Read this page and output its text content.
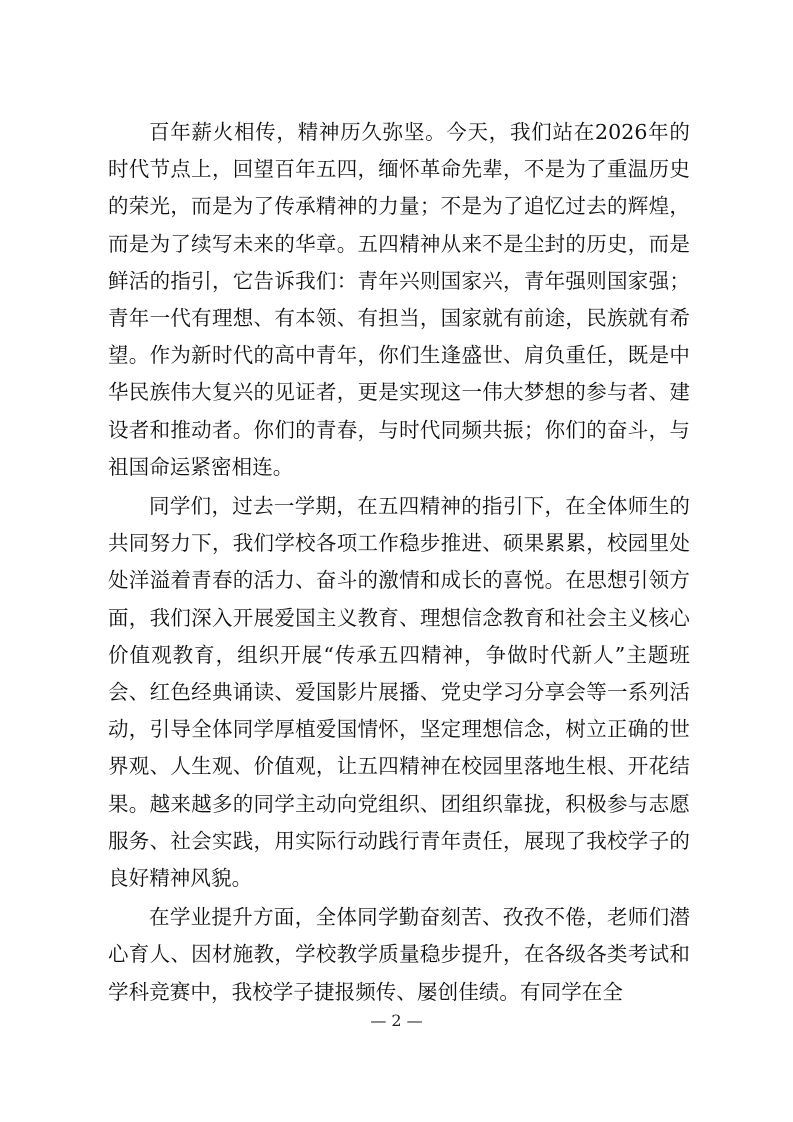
百年薪火相传，精神历久弥坚。今天，我们站在2026年的时代节点上，回望百年五四，缅怀革命先辈，不是为了重温历史的荣光，而是为了传承精神的力量；不是为了追忆过去的辉煌，而是为了续写未来的华章。五四精神从来不是尘封的历史，而是鲜活的指引，它告诉我们：青年兴则国家兴，青年强则国家强；青年一代有理想、有本领、有担当，国家就有前途，民族就有希望。作为新时代的高中青年，你们生逢盛世、肩负重任，既是中华民族伟大复兴的见证者，更是实现这一伟大梦想的参与者、建设者和推动者。你们的青春，与时代同频共振；你们的奋斗，与祖国命运紧密相连。

同学们，过去一学期，在五四精神的指引下，在全体师生的共同努力下，我们学校各项工作稳步推进、硕果累累，校园里处处洋溢着青春的活力、奋斗的激情和成长的喜悦。在思想引领方面，我们深入开展爱国主义教育、理想信念教育和社会主义核心价值观教育，组织开展“传承五四精神，争做时代新人”主题班会、红色经典诵读、爱国影片展播、党史学习分享会等一系列活动，引导全体同学厚植爱国情怀，坚定理想信念，树立正确的世界观、人生观、价值观，让五四精神在校园里落地生根、开花结果。越来越多的同学主动向党组织、团组织靠拢，积极参与志愿服务、社会实践，用实际行动践行青年责任，展现了我校学子的良好精神风貌。

在学业提升方面，全体同学勤奋刻苦、孜孜不倦，老师们潜心育人、因材施教，学校教学质量稳步提升，在各级各类考试和学科竞赛中，我校学子捷报频传、屡创佳绩。有同学在全

— 2 —
